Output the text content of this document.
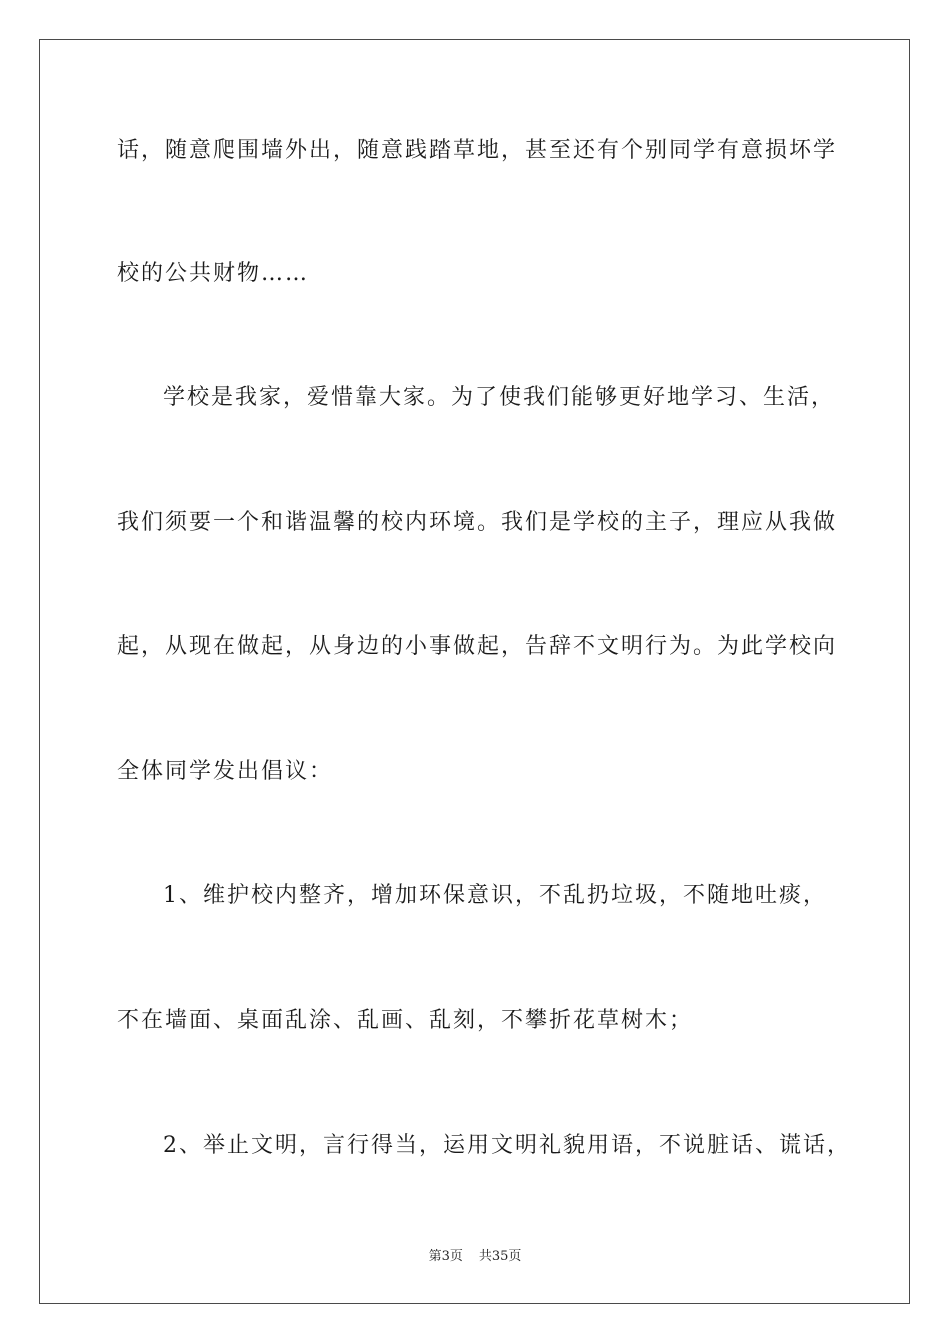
话，随意爬围墙外出，随意践踏草地，甚至还有个别同学有意损坏学
校的公共财物……
学校是我家，爱惜靠大家。为了使我们能够更好地学习、生活，
我们须要一个和谐温馨的校内环境。我们是学校的主子，理应从我做
起，从现在做起，从身边的小事做起，告辞不文明行为。为此学校向
全体同学发出倡议：
1、维护校内整齐，增加环保意识，不乱扔垃圾，不随地吐痰，
不在墙面、桌面乱涂、乱画、乱刻，不攀折花草树木；
2、举止文明，言行得当，运用文明礼貌用语，不说脏话、谎话，
第3页 共35页
